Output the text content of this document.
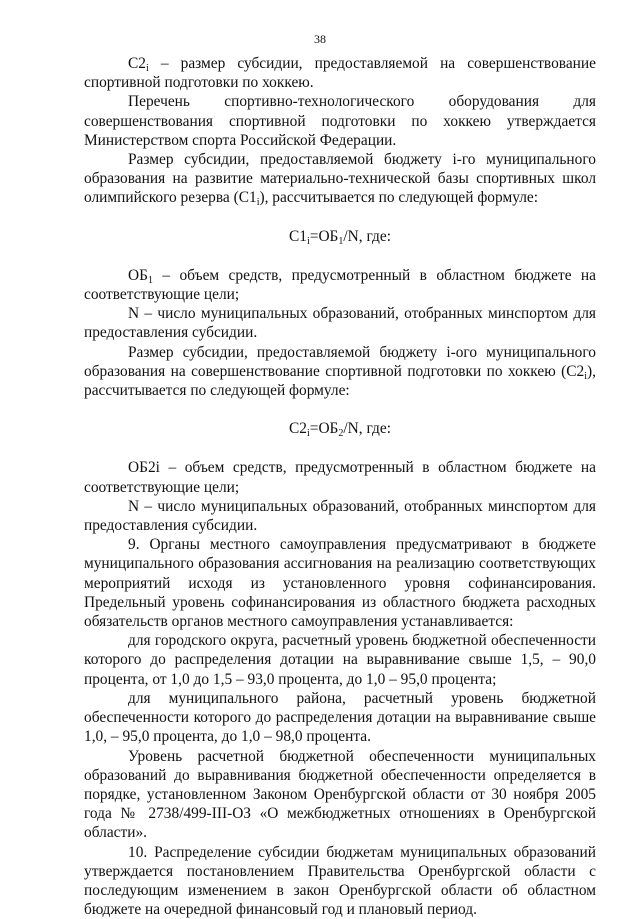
38

$С2_i$ – размер субсидии, предоставляемой на совершенствование спортивной подготовки по хоккею.

Перечень спортивно-технологического оборудования для совершенствования спортивной подготовки по хоккею утверждается Министерством спорта Российской Федерации.

Размер субсидии, предоставляемой бюджету i-го муниципального образования на развитие материально-технической базы спортивных школ олимпийского резерва $(С1_i)$, рассчитывается по следующей формуле:

$С1_i=ОБ_1/N$, где:

$ОБ_1$ – объем средств, предусмотренный в областном бюджете на соответствующие цели;

N – число муниципальных образований, отобранных минспортом для предоставления субсидии.

Размер субсидии, предоставляемой бюджету i-ого муниципального образования на совершенствование спортивной подготовки по хоккею $(С2_i)$, рассчитывается по следующей формуле:

$С2_i=ОБ_2/N$, где:

ОБ2i – объем средств, предусмотренный в областном бюджете на соответствующие цели;

N – число муниципальных образований, отобранных минспортом для предоставления субсидии.

9. Органы местного самоуправления предусматривают в бюджете муниципального образования ассигнования на реализацию соответствующих мероприятий исходя из установленного уровня софинансирования. Предельный уровень софинансирования из областного бюджета расходных обязательств органов местного самоуправления устанавливается:

для городского округа, расчетный уровень бюджетной обеспеченности которого до распределения дотации на выравнивание свыше 1,5, – 90,0 процента, от 1,0 до 1,5 – 93,0 процента, до 1,0 – 95,0 процента;

для муниципального района, расчетный уровень бюджетной обеспеченности которого до распределения дотации на выравнивание свыше 1,0, – 95,0 процента, до 1,0 – 98,0 процента.

Уровень расчетной бюджетной обеспеченности муниципальных образований до выравнивания бюджетной обеспеченности определяется в порядке, установленном Законом Оренбургской области от 30 ноября 2005 года № 2738/499-III-ОЗ «О межбюджетных отношениях в Оренбургской области».

10. Распределение субсидии бюджетам муниципальных образований утверждается постановлением Правительства Оренбургской области с последующим изменением в закон Оренбургской области об областном бюджете на очередной финансовый год и плановый период.
